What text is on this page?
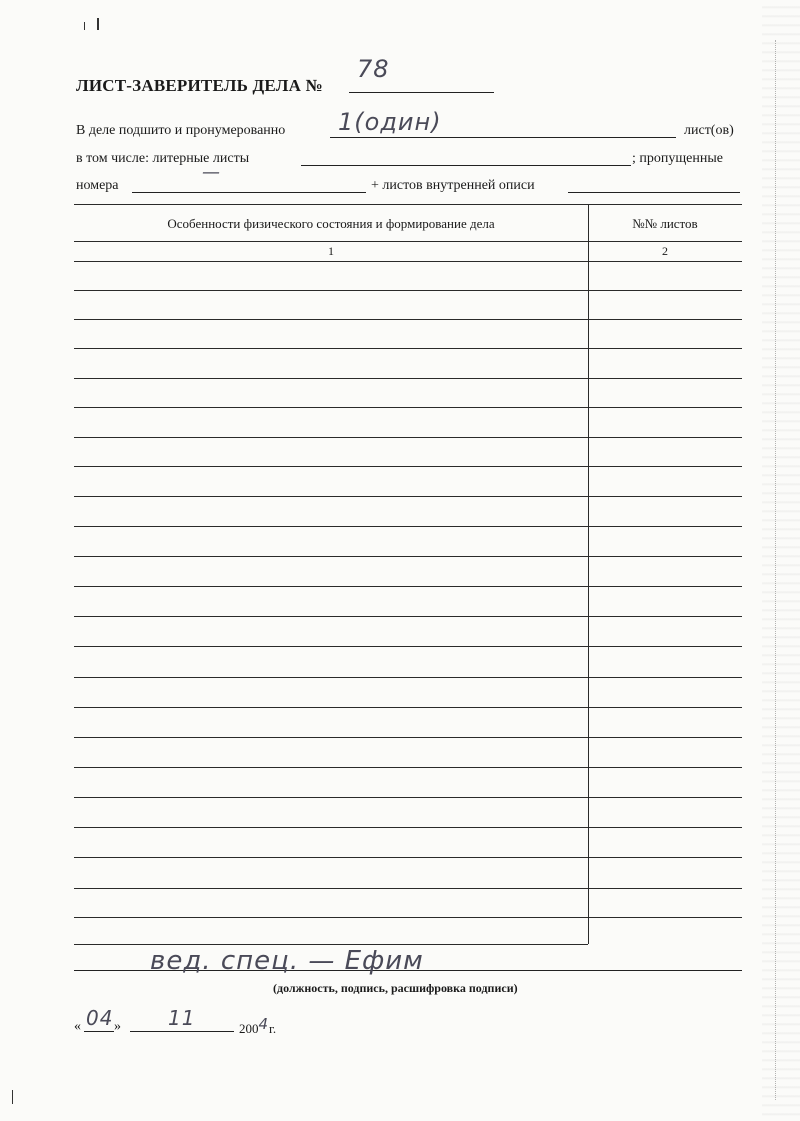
ЛИСТ-ЗАВЕРИТЕЛЬ ДЕЛА №
78
В деле подшито и пронумерованно 1(один)	лист(ов)
в том числе: литерные листы	; пропущенные
номера
—
+ листов внутренней описи
Особенности физического состояния и формирование дела	№№ листов
1	2
вед. спец. — Ефим
(должность, подпись, расшифровка подписи)
« 04 » 11	2004г.
